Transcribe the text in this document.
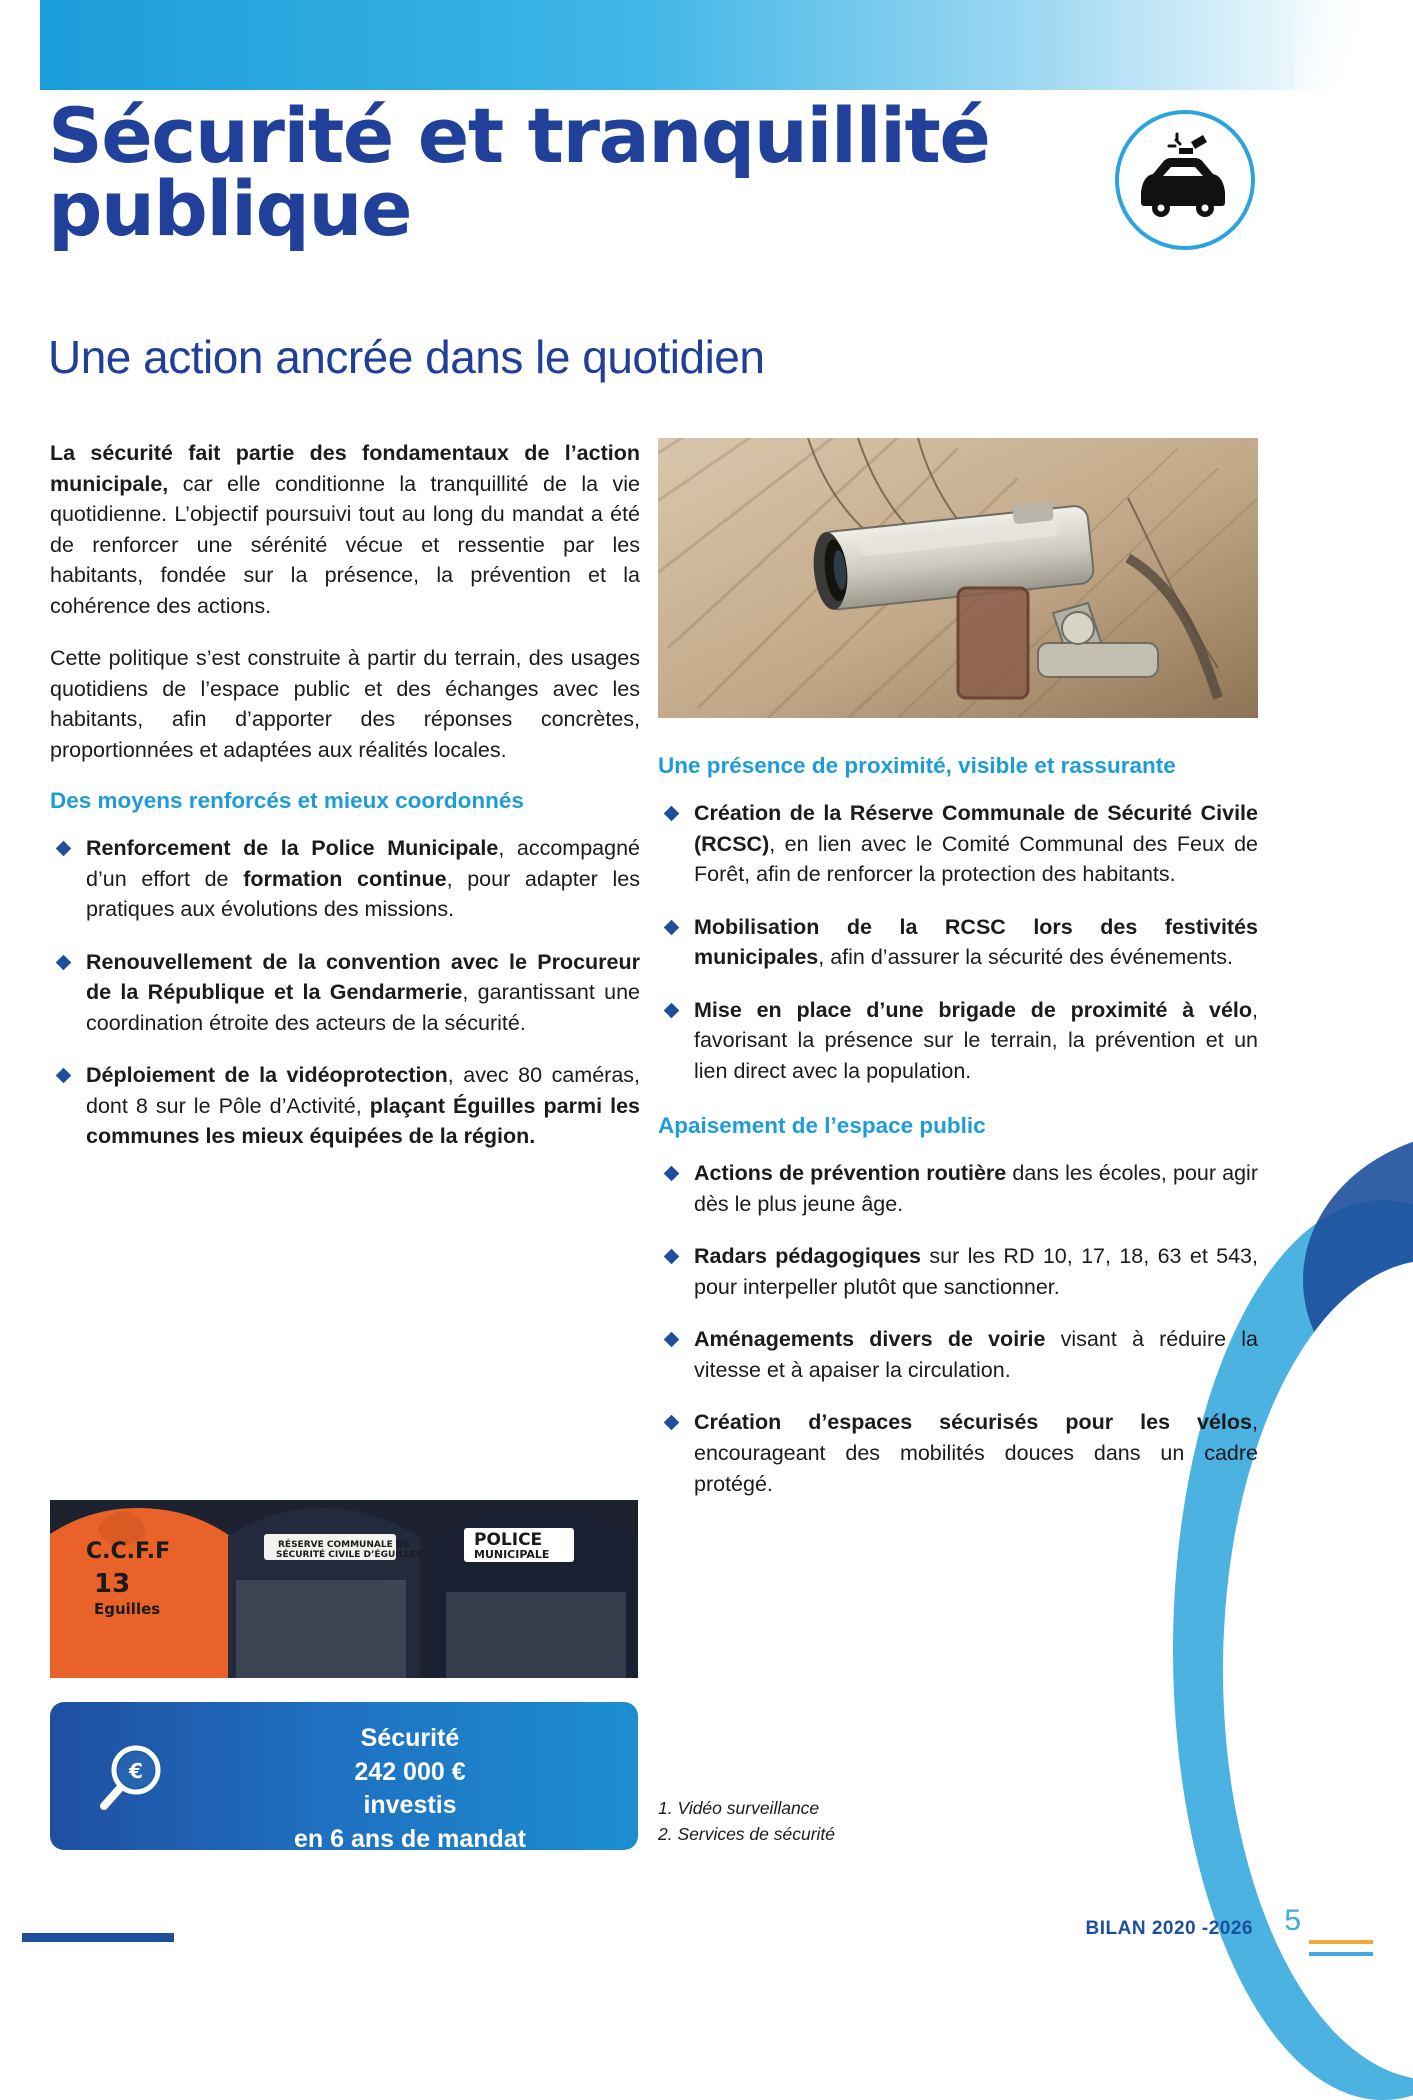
Sécurité et tranquillité
publique
Une action ancrée dans le quotidien

La sécurité fait partie des fondamentaux de l’action municipale, car elle conditionne la tranquillité de la vie quotidienne. L’objectif poursuivi tout au long du mandat a été de renforcer une sérénité vécue et ressentie par les habitants, fondée sur la présence, la prévention et la cohérence des actions.

Cette politique s’est construite à partir du terrain, des usages quotidiens de l’espace public et des échanges avec les habitants, afin d’apporter des réponses concrètes, proportionnées et adaptées aux réalités locales.

Des moyens renforcés et mieux coordonnés
Renforcement de la Police Municipale, accompagné d’un effort de formation continue, pour adapter les pratiques aux évolutions des missions.
Renouvellement de la convention avec le Procureur de la République et la Gendarmerie, garantissant une coordination étroite des acteurs de la sécurité.
Déploiement de la vidéoprotection, avec 80 caméras, dont 8 sur le Pôle d’Activité, plaçant Éguilles parmi les communes les mieux équipées de la région.
Une présence de proximité, visible et rassurante
Création de la Réserve Communale de Sécurité Civile (RCSC), en lien avec le Comité Communal des Feux de Forêt, afin de renforcer la protection des habitants.
Mobilisation de la RCSC lors des festivités municipales, afin d’assurer la sécurité des événements.
Mise en place d’une brigade de proximité à vélo, favorisant la présence sur le terrain, la prévention et un lien direct avec la population.
Apaisement de l’espace public
Actions de prévention routière dans les écoles, pour agir dès le plus jeune âge.
Radars pédagogiques sur les RD 10, 17, 18, 63 et 543, pour interpeller plutôt que sanctionner.
Aménagements divers de voirie visant à réduire la vitesse et à apaiser la circulation.
Création d’espaces sécurisés pour les vélos, encourageant des mobilités douces dans un cadre protégé.
C.C.F.F
13
Eguilles
RÉSERVE COMMUNALE DE
SÉCURITÉ CIVILE D’ÉGUILLES
POLICE
MUNICIPALE
€
Sécurité
242 000 €
investis
en 6 ans de mandat
1. Vidéo surveillance
2. Services de sécurité
BILAN 2020 -2026 5
